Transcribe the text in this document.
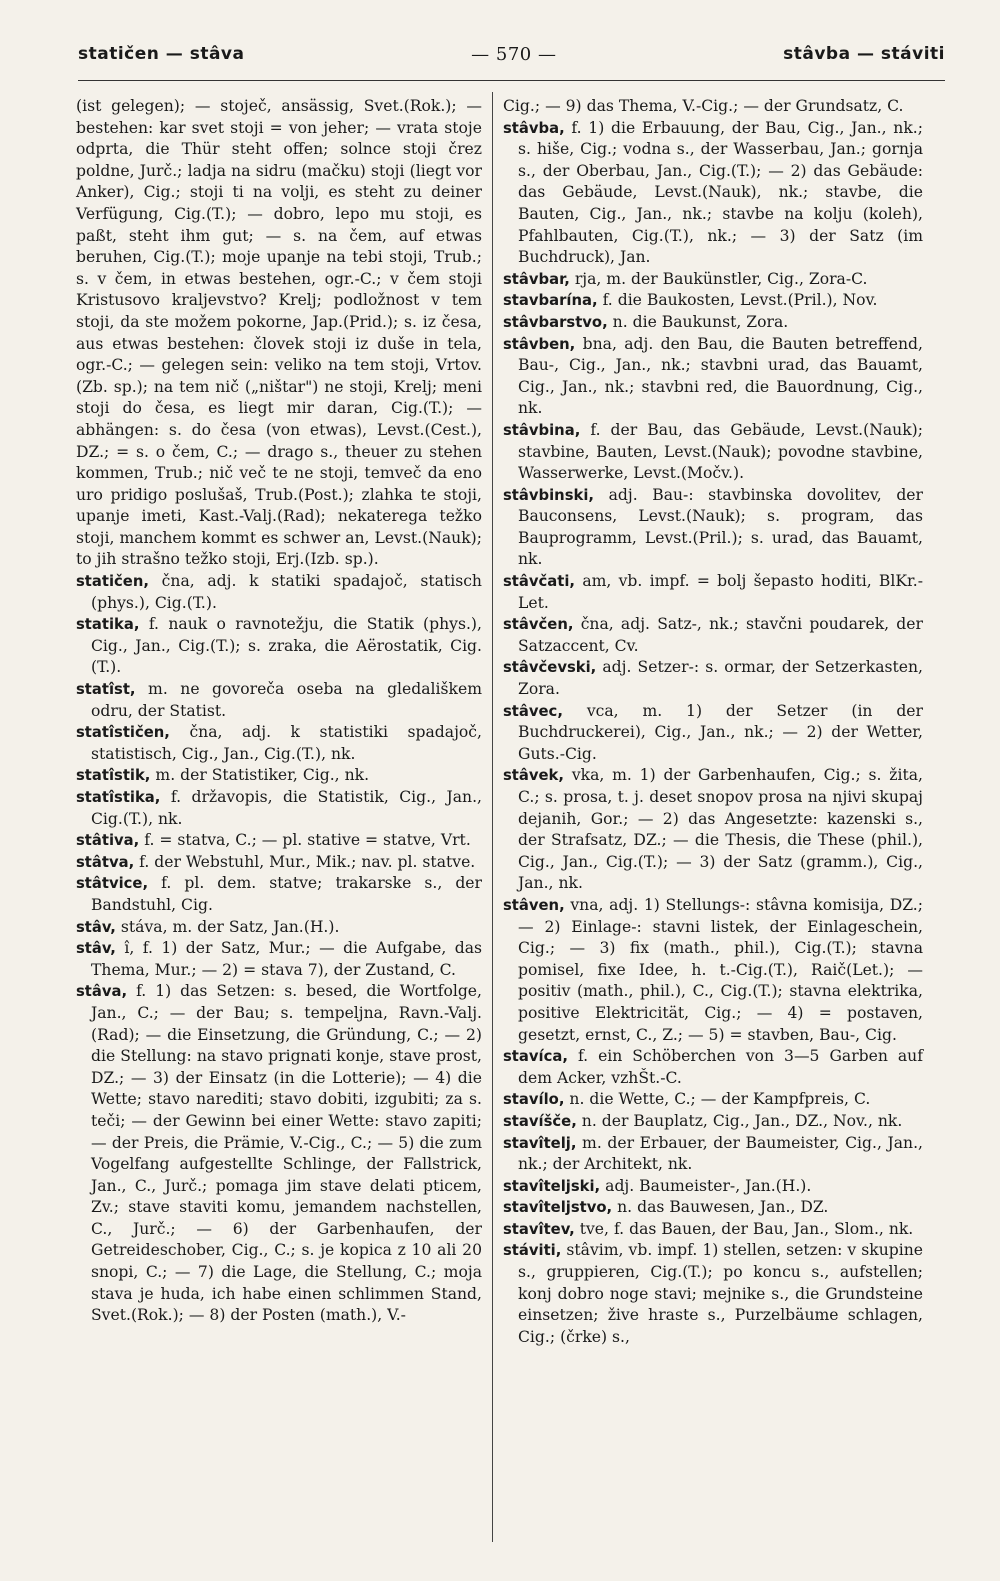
statičen — stâva	— 570 —	stâvba — stáviti

(ist gelegen); — stoječ, ansässig, Svet.(Rok.); — bestehen: kar svet stoji = von jeher; — vrata stoje odprta, die Thür steht offen; solnce stoji črez poldne, Jurč.; ladja na sidru (mačku) stoji (liegt vor Anker), Cig.; stoji ti na volji, es steht zu deiner Verfügung, Cig.(T.); — dobro, lepo mu stoji, es paßt, steht ihm gut; — s. na čem, auf etwas beruhen, Cig.(T.); moje upanje na tebi stoji, Trub.; s. v čem, in etwas bestehen, ogr.-C.; v čem stoji Kristusovo kraljevstvo? Krelj; podložnost v tem stoji, da ste možem pokorne, Jap.(Prid.); s. iz česa, aus etwas bestehen: človek stoji iz duše in tela, ogr.-C.; — gelegen sein: veliko na tem stoji, Vrtov.(Zb. sp.); na tem nič („ništar") ne stoji, Krelj; meni stoji do česa, es liegt mir daran, Cig.(T.); — abhängen: s. do česa (von etwas), Levst.(Cest.), DZ.; = s. o čem, C.; — drago s., theuer zu stehen kommen, Trub.; nič več te ne stoji, temveč da eno uro pridigo poslušaš, Trub.(Post.); zlahka te stoji, upanje imeti, Kast.-Valj.(Rad); nekaterega težko stoji, manchem kommt es schwer an, Levst.(Nauk); to jih strašno težko stoji, Erj.(Izb. sp.).

statičen, čna, adj. k statiki spadajoč, statisch (phys.), Cig.(T.).

statika, f. nauk o ravnotežju, die Statik (phys.), Cig., Jan., Cig.(T.); s. zraka, die Aërostatik, Cig.(T.).

statîst, m. ne govoreča oseba na gledališkem odru, der Statist.

statîstičen, čna, adj. k statistiki spadajoč, statistisch, Cig., Jan., Cig.(T.), nk.

statîstik, m. der Statistiker, Cig., nk.

statîstika, f. državopis, die Statistik, Cig., Jan., Cig.(T.), nk.

stâtiva, f. = statva, C.; — pl. stative = statve, Vrt.

stâtva, f. der Webstuhl, Mur., Mik.; nav. pl. statve.

stâtvice, f. pl. dem. statve; trakarske s., der Bandstuhl, Cig.

stâv, stáva, m. der Satz, Jan.(H.).

stâv, î, f. 1) der Satz, Mur.; — die Aufgabe, das Thema, Mur.; — 2) = stava 7), der Zustand, C.

stâva, f. 1) das Setzen: s. besed, die Wortfolge, Jan., C.; — der Bau; s. tempeljna, Ravn.-Valj.(Rad); — die Einsetzung, die Gründung, C.; — 2) die Stellung: na stavo prignati konje, stave prost, DZ.; — 3) der Einsatz (in die Lotterie); — 4) die Wette; stavo narediti; stavo dobiti, izgubiti; za s. teči; — der Gewinn bei einer Wette: stavo zapiti; — der Preis, die Prämie, V.-Cig., C.; — 5) die zum Vogelfang aufgestellte Schlinge, der Fallstrick, Jan., C., Jurč.; pomaga jim stave delati pticem, Zv.; stave staviti komu, jemandem nachstellen, C., Jurč.; — 6) der Garbenhaufen, der Getreideschober, Cig., C.; s. je kopica z 10 ali 20 snopi, C.; — 7) die Lage, die Stellung, C.; moja stava je huda, ich habe einen schlimmen Stand, Svet.(Rok.); — 8) der Posten (math.), V.-

Cig.; — 9) das Thema, V.-Cig.; — der Grundsatz, C.

stâvba, f. 1) die Erbauung, der Bau, Cig., Jan., nk.; s. hiše, Cig.; vodna s., der Wasserbau, Jan.; gornja s., der Oberbau, Jan., Cig.(T.); — 2) das Gebäude: das Gebäude, Levst.(Nauk), nk.; stavbe, die Bauten, Cig., Jan., nk.; stavbe na kolju (koleh), Pfahlbauten, Cig.(T.), nk.; — 3) der Satz (im Buchdruck), Jan.

stâvbar, rja, m. der Baukünstler, Cig., Zora-C.

stavbarína, f. die Baukosten, Levst.(Pril.), Nov.

stâvbarstvo, n. die Baukunst, Zora.

stâvben, bna, adj. den Bau, die Bauten betreffend, Bau-, Cig., Jan., nk.; stavbni urad, das Bauamt, Cig., Jan., nk.; stavbni red, die Bauordnung, Cig., nk.

stâvbina, f. der Bau, das Gebäude, Levst.(Nauk); stavbine, Bauten, Levst.(Nauk); povodne stavbine, Wasserwerke, Levst.(Močv.).

stâvbinski, adj. Bau-: stavbinska dovolitev, der Bauconsens, Levst.(Nauk); s. program, das Bauprogramm, Levst.(Pril.); s. urad, das Bauamt, nk.

stâvčati, am, vb. impf. = bolj šepasto hoditi, BlKr.-Let.

stâvčen, čna, adj. Satz-, nk.; stavčni poudarek, der Satzaccent, Cv.

stâvčevski, adj. Setzer-: s. ormar, der Setzerkasten, Zora.

stâvec, vca, m. 1) der Setzer (in der Buchdruckerei), Cig., Jan., nk.; — 2) der Wetter, Guts.-Cig.

stâvek, vka, m. 1) der Garbenhaufen, Cig.; s. žita, C.; s. prosa, t. j. deset snopov prosa na njivi skupaj dejanih, Gor.; — 2) das Angesetzte: kazenski s., der Strafsatz, DZ.; — die Thesis, die These (phil.), Cig., Jan., Cig.(T.); — 3) der Satz (gramm.), Cig., Jan., nk.

stâven, vna, adj. 1) Stellungs-: stâvna komisija, DZ.; — 2) Einlage-: stavni listek, der Einlageschein, Cig.; — 3) fix (math., phil.), Cig.(T.); stavna pomisel, fixe Idee, h. t.-Cig.(T.), Raič(Let.); — positiv (math., phil.), C., Cig.(T.); stavna elektrika, positive Elektricität, Cig.; — 4) = postaven, gesetzt, ernst, C., Z.; — 5) = stavben, Bau-, Cig.

stavíca, f. ein Schöberchen von 3—5 Garben auf dem Acker, vzhŠt.-C.

stavílo, n. die Wette, C.; — der Kampfpreis, C.

stavíšče, n. der Bauplatz, Cig., Jan., DZ., Nov., nk.

stavîtelj, m. der Erbauer, der Baumeister, Cig., Jan., nk.; der Architekt, nk.

stavîteljski, adj. Baumeister-, Jan.(H.).

stavîteljstvo, n. das Bauwesen, Jan., DZ.

stavîtev, tve, f. das Bauen, der Bau, Jan., Slom., nk.

stáviti, stâvim, vb. impf. 1) stellen, setzen: v skupine s., gruppieren, Cig.(T.); po koncu s., aufstellen; konj dobro noge stavi; mejnike s., die Grundsteine einsetzen; žive hraste s., Purzelbäume schlagen, Cig.; (črke) s.,
